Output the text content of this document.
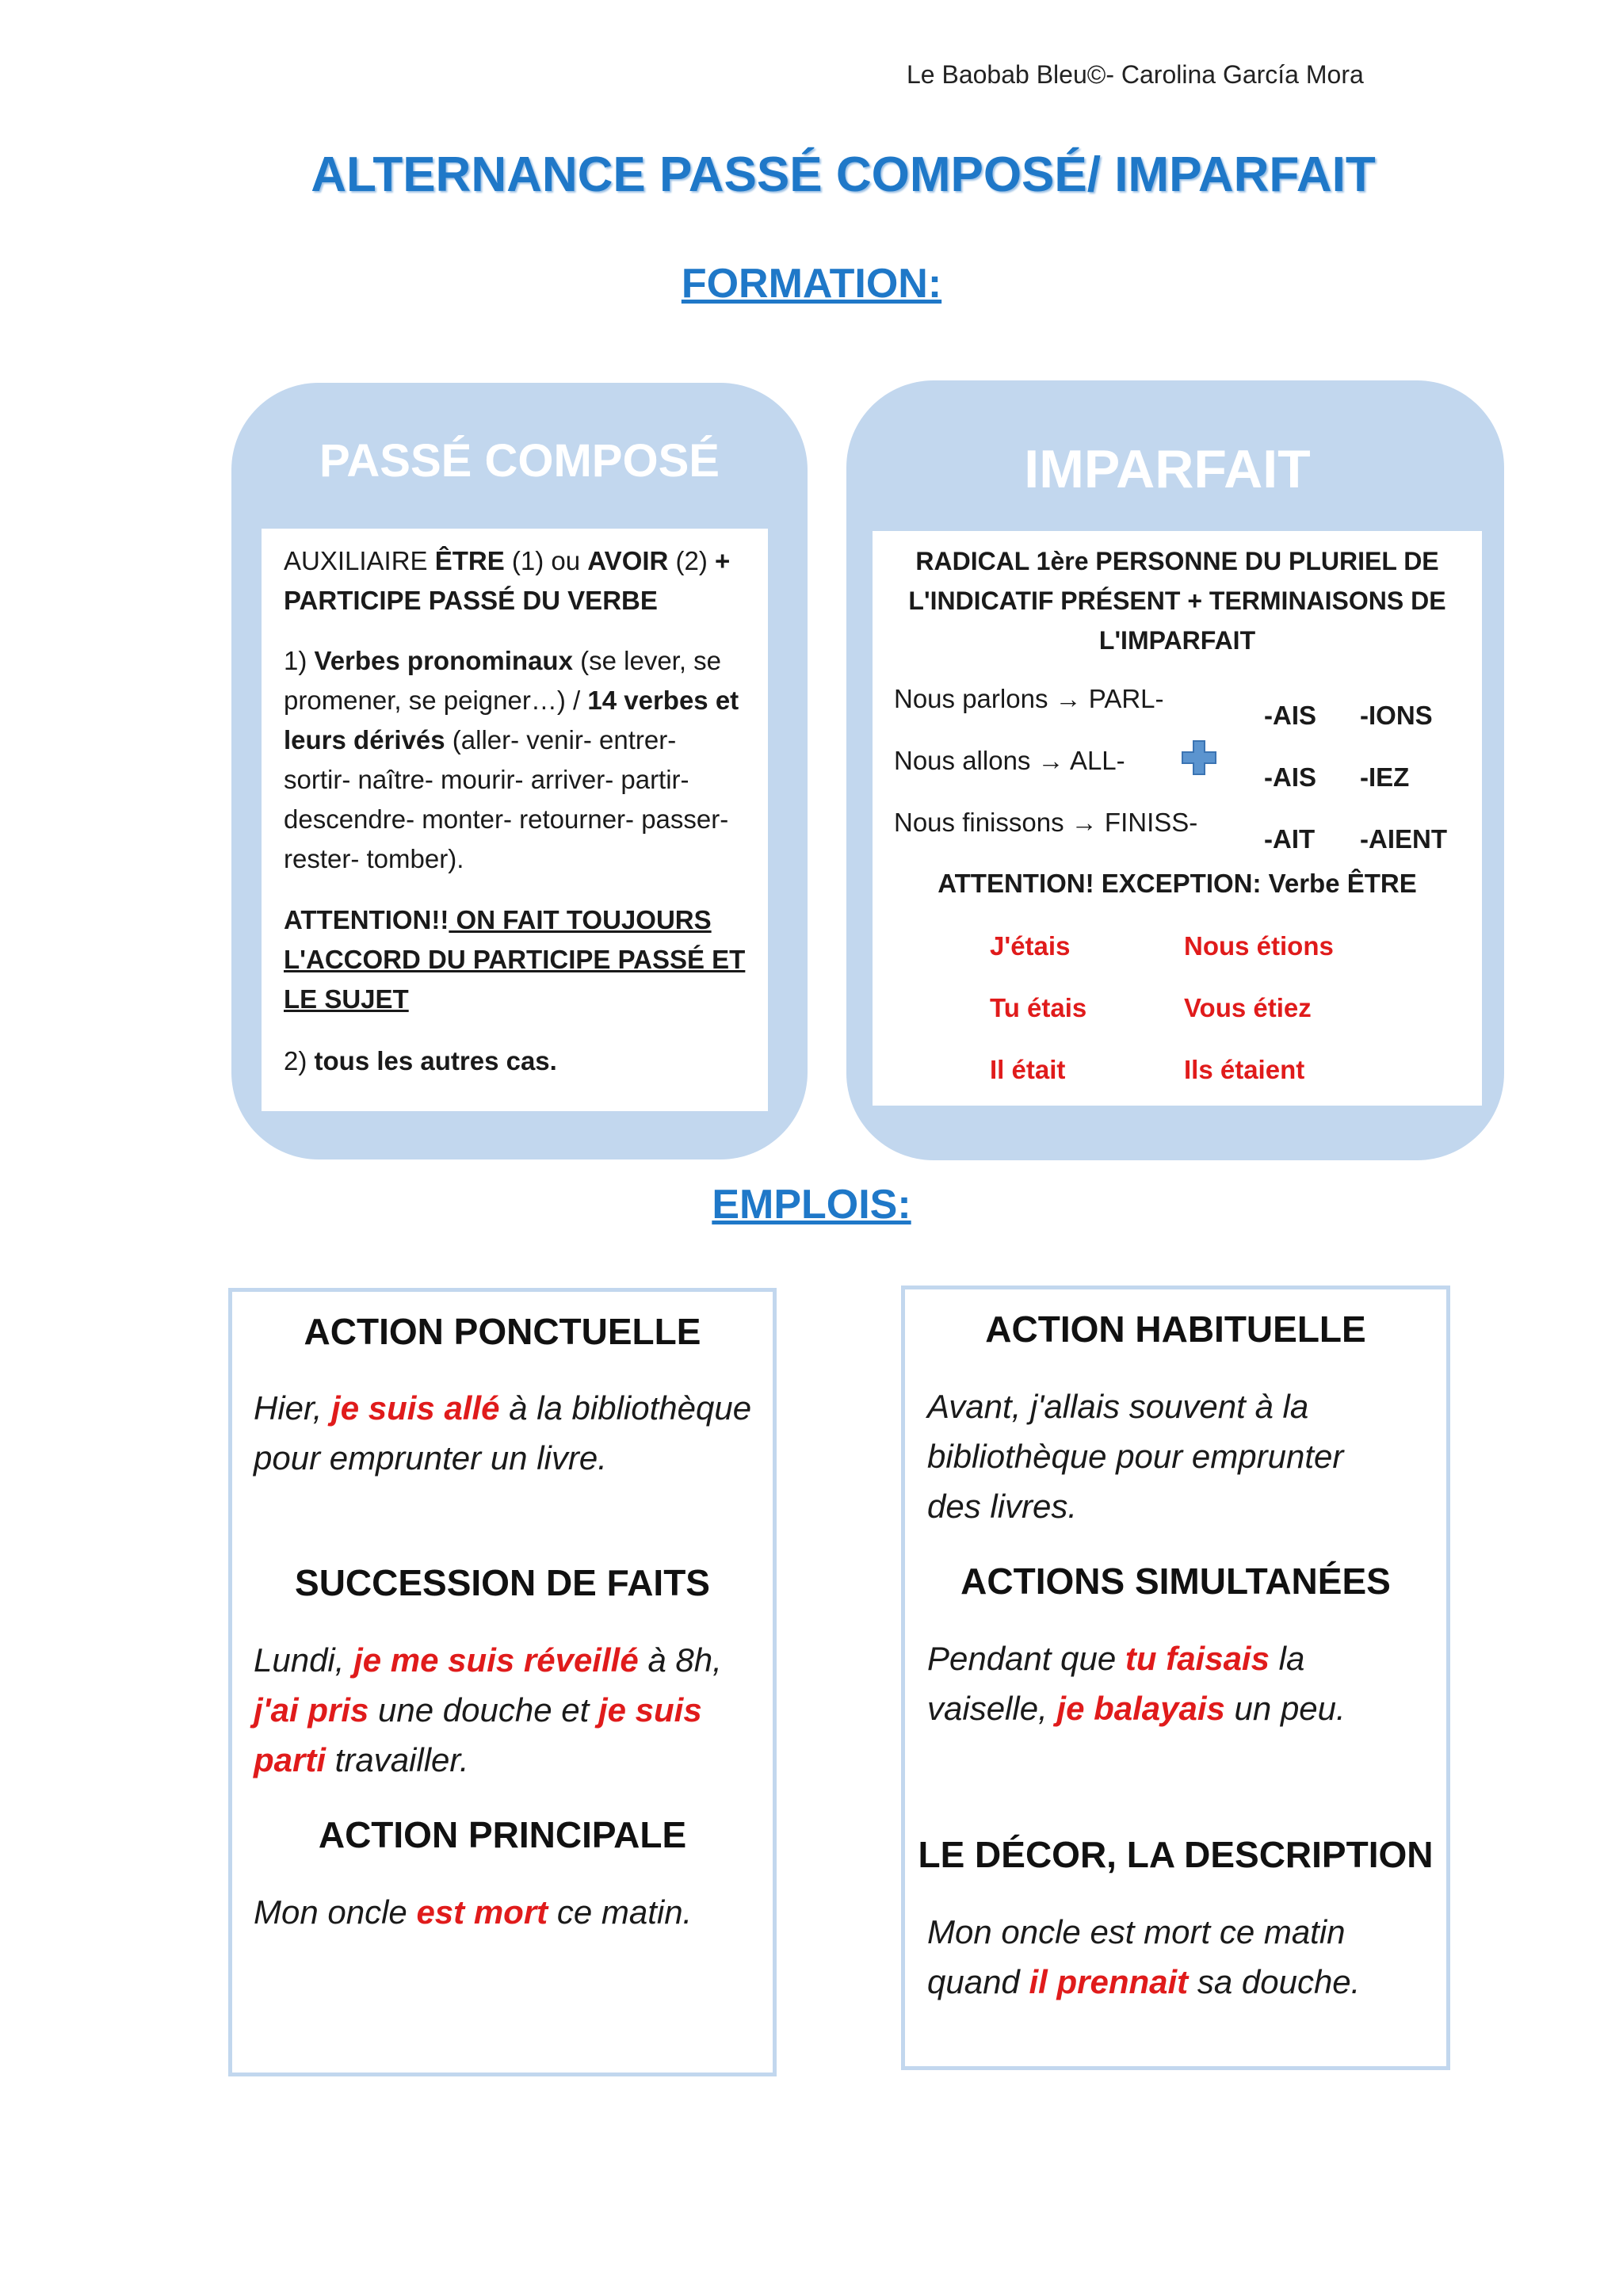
Le Baobab Bleu©- Carolina García Mora
ALTERNANCE PASSÉ COMPOSÉ/ IMPARFAIT
FORMATION:
PASSÉ COMPOSÉ
AUXILIAIRE ÊTRE (1) ou AVOIR (2) + PARTICIPE PASSÉ DU VERBE
1) Verbes pronominaux (se lever, se promener, se peigner…) / 14 verbes et leurs dérivés (aller- venir- entrer- sortir- naître- mourir- arriver- partir- descendre- monter- retourner- passer- rester- tomber).
ATTENTION!! ON FAIT TOUJOURS L'ACCORD DU PARTICIPE PASSÉ ET LE SUJET
2) tous les autres cas.
IMPARFAIT
RADICAL 1ère PERSONNE DU PLURIEL DE L'INDICATIF PRÉSENT + TERMINAISONS DE L'IMPARFAIT
Nous parlons → PARL-
Nous allons → ALL-
Nous finissons → FINISS-
-AIS
-AIS
-AIT
-IONS
-IEZ
-AIENT
ATTENTION! EXCEPTION: Verbe ÊTRE
J'étais
Tu étais
Il était
Nous étions
Vous étiez
Ils étaient
EMPLOIS:
ACTION PONCTUELLE
Hier, je suis allé à la bibliothèque pour emprunter un livre.
SUCCESSION DE FAITS
Lundi, je me suis réveillé à 8h, j'ai pris une douche et je suis parti travailler.
ACTION PRINCIPALE
Mon oncle est mort ce matin.
ACTION HABITUELLE
Avant, j'allais souvent à la bibliothèque pour emprunter des livres.
ACTIONS SIMULTANÉES
Pendant que tu faisais la vaiselle, je balayais un peu.
LE DÉCOR, LA DESCRIPTION
Mon oncle est mort ce matin quand il prennait sa douche.
